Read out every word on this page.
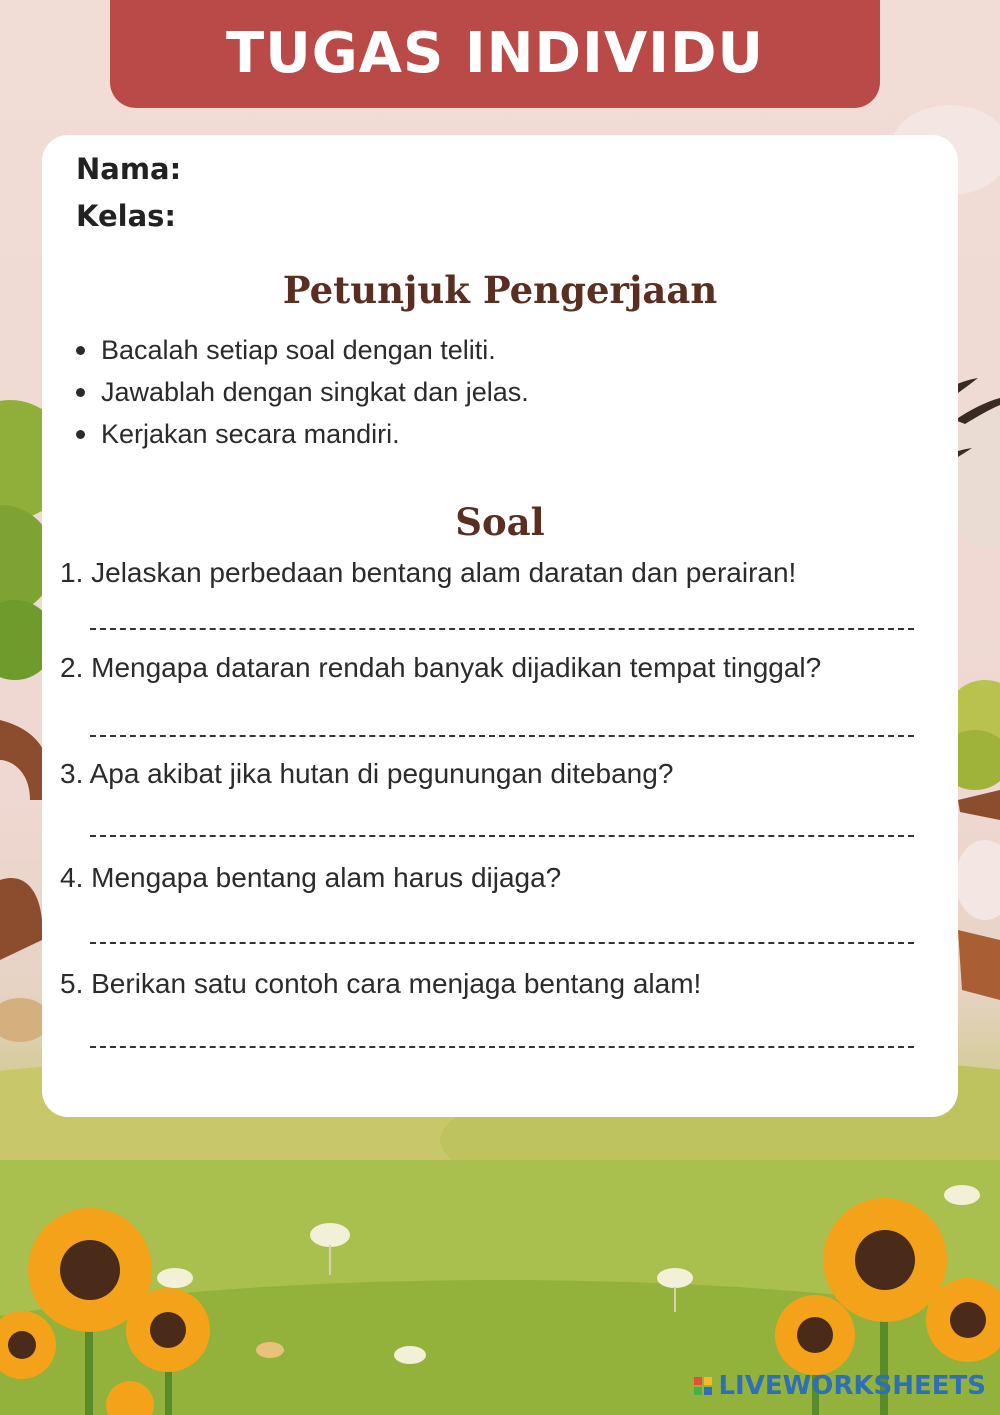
TUGAS INDIVIDU
Nama:
Kelas:
Petunjuk Pengerjaan
Bacalah setiap soal dengan teliti.
Jawablah dengan singkat dan jelas.
Kerjakan secara mandiri.
Soal
1. Jelaskan perbedaan bentang alam daratan dan perairan!
2. Mengapa dataran rendah banyak dijadikan tempat tinggal?
3. Apa akibat jika hutan di pegunungan ditebang?
4. Mengapa bentang alam harus dijaga?
5. Berikan satu contoh cara menjaga bentang alam!
LIVEWORKSHEETS
